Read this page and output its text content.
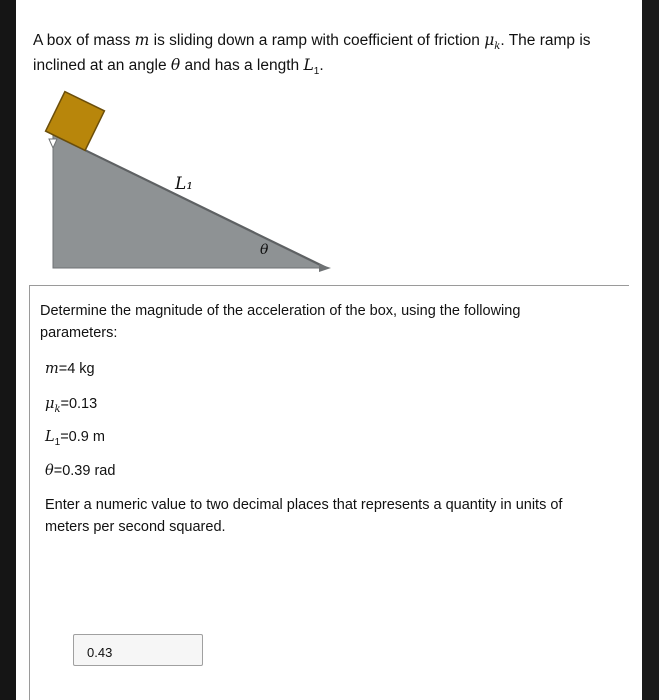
A box of mass m is sliding down a ramp with coefficient of friction $\mu_k$. The ramp is
inclined at an angle θ and has a length $L_1$.
L₁
θ
Determine the magnitude of the acceleration of the box, using the following
parameters:
m=4 kg
$\mu_k=0.13$
$L_1=0.9$ m
θ=0.39 rad
Enter a numeric value to two decimal places that represents a quantity in units of
meters per second squared.
0.43
